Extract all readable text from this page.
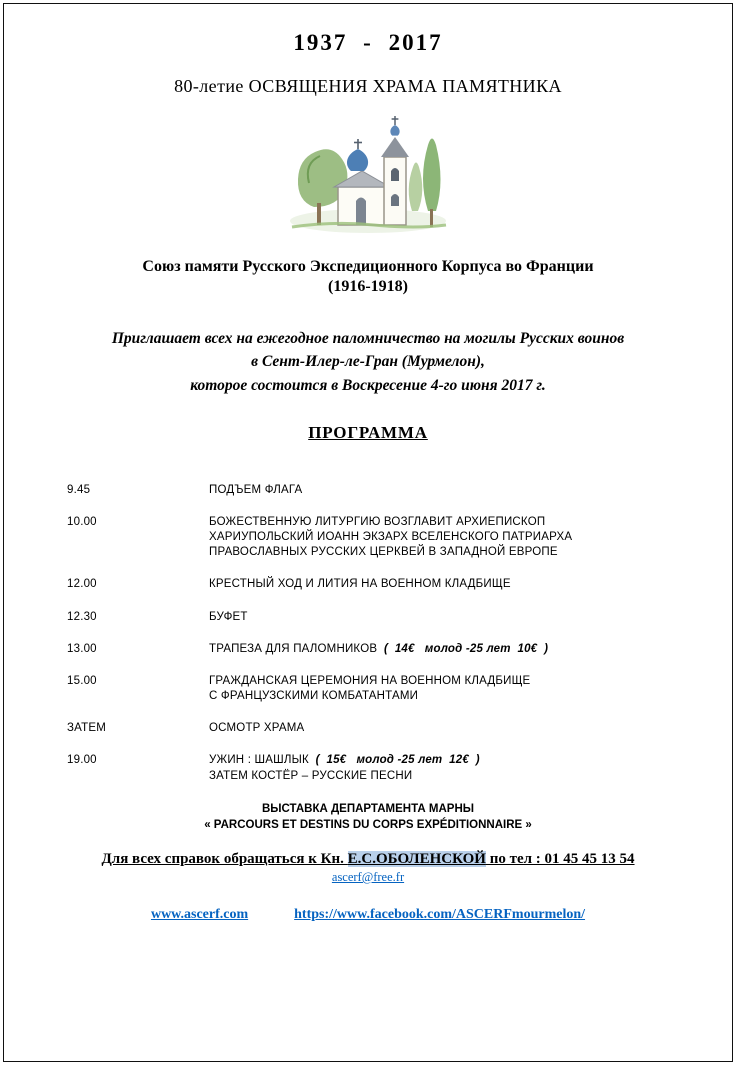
1937 - 2017
80-летие ОСВЯЩЕНИЯ ХРАМА ПАМЯТНИКА
Союз памяти Русского Экспедиционного Корпуса во Франции
(1916-1918)
Приглашает всех на ежегодное паломничество на могилы Русских воинов
в Сент-Илер-ле-Гран (Мурмелон),
которое состоится в Воскресение 4-го июня 2017 г.
ПРОГРАММА
9.45	ПОДЪЕМ ФЛАГА
10.00	БОЖЕСТВЕННУЮ ЛИТУРГИЮ ВОЗГЛАВИТ АРХИЕПИСКОП
ХАРИУПОЛЬСКИЙ ИОАНН ЭКЗАРХ ВСЕЛЕНСКОГО ПАТРИАРХА
ПРАВОСЛАВНЫХ РУССКИХ ЦЕРКВЕЙ В ЗАПАДНОЙ ЕВРОПЕ
12.00	КРЕСТНЫЙ ХОД И ЛИТИЯ НА ВОЕННОМ КЛАДБИЩЕ
12.30	БУФЕТ
13.00	ТРАПЕЗА ДЛЯ ПАЛОМНИКОВ  (  14€   молод -25 лет  10€  )
15.00	ГРАЖДАНСКАЯ ЦЕРЕМОНИЯ НА ВОЕННОМ КЛАДБИЩЕ
С ФРАНЦУЗСКИМИ КОМБАТАНТАМИ
ЗАТЕМ	ОСМОТР ХРАМА
19.00	УЖИН : ШАШЛЫК  (  15€   молод -25 лет  12€  )
ЗАТЕМ КОСТЁР – РУССКИЕ ПЕСНИ
ВЫСТАВКА ДЕПАРТАМЕНТА МАРНЫ
« PARCOURS ET DESTINS DU CORPS EXPÉDITIONNAIRE »
Для всех справок обращаться к Кн. Е.С.ОБОЛЕНСКОЙ по тел : 01 45 45 13 54
ascerf@free.fr
www.ascerf.com	https://www.facebook.com/ASCERFmourmelon/
